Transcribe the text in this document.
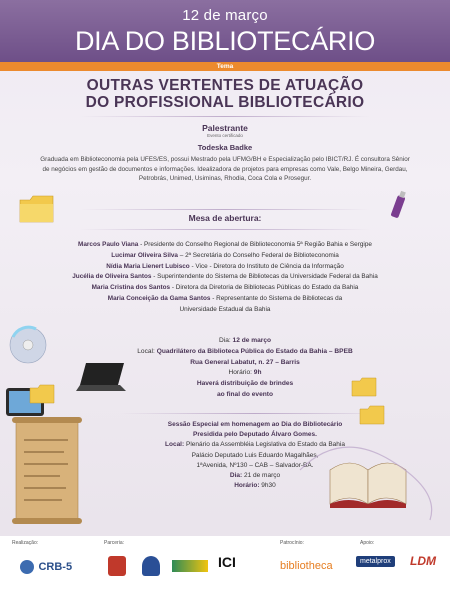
12 de março
DIA DO BIBLIOTECÁRIO
Tema
OUTRAS VERTENTES DE ATUAÇÃO
DO PROFISSIONAL BIBLIOTECÁRIO
Palestrante
Evento certificado
Todeska Badke
Graduada em Biblioteconomia pela UFES/ES, possui Mestrado pela UFMG/BH e Especialização pelo IBICT/RJ. É consultora Sênior de negócios em gestão de documentos e informações. Idealizadora de projetos para empresas como Vale, Belgo Mineira, Gerdau, Petrobrás, Unimed, Usiminas, Rhodia, Coca Cola e Prosegur.
Mesa de abertura:
Marcos Paulo Viana - Presidente do Conselho Regional de Biblioteconomia 5ª Região Bahia e Sergipe
Lucimar Oliveira Silva – 2ª Secretária do Conselho Federal de Biblioteconomia
Nídia Maria Lienert Lubisco - Vice - Diretora do Instituto de Ciência da Informação
Jucélia de Oliveira Santos - Superintendente do Sistema de Bibliotecas da Universidade Federal da Bahia
Maria Cristina dos Santos - Diretora da Diretoria de Bibliotecas Públicas do Estado da Bahia
Maria Conceição da Gama Santos - Representante do Sistema de Bibliotecas da
Universidade Estadual da Bahia
Dia: 12 de março
Local: Quadrilátero da Biblioteca Pública do Estado da Bahia – BPEB
Rua General Labatut, n. 27 – Barris
Horário: 9h
Haverá distribuição de brindes
ao final do evento
Sessão Especial em homenagem ao Dia do Bibliotecário
Presidida pelo Deputado Álvaro Gomes.
Local: Plenário da Assembléia Legislativa do Estado da Bahia
Palácio Deputado Luis Eduardo Magalhães,
1ªAvenida, Nº130 – CAB – Salvador-BA.
Dia: 21 de março
Horário: 9h30
Realização:	Parceria:	Patrocínio:	Apoio:
CRB-5	ICI	bibliotheca	metalprox	LDM
